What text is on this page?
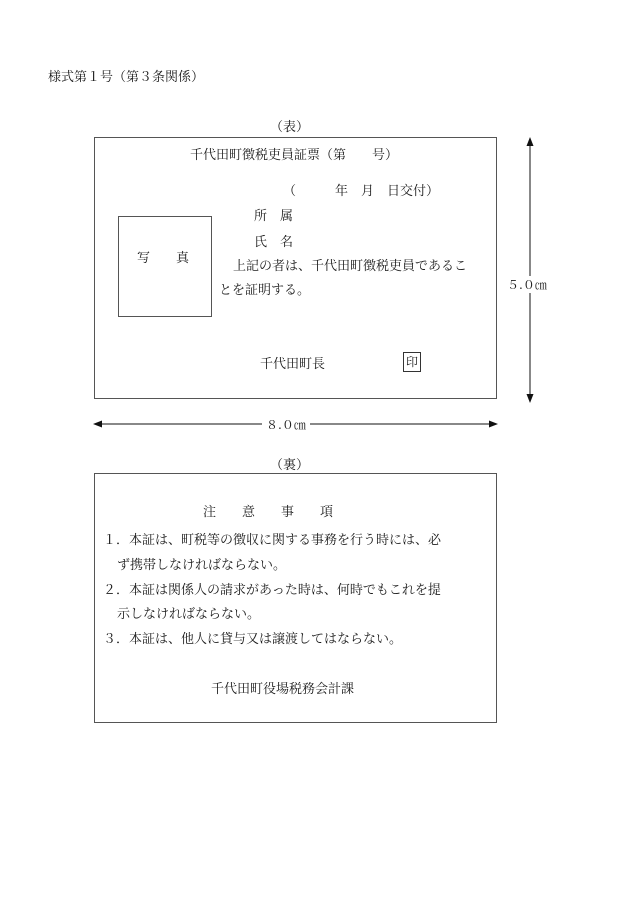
様式第１号（第３条関係）
（表）
千代田町徴税吏員証票（第　　号）
（　　　年　月　日交付）
写　　真
所　属
氏　名
上記の者は、千代田町徴税吏員であるこ
とを証明する。
千代田町長	印
５.０㎝
８.０㎝
（裏）
注　　意　　事　　項
１．本証は、町税等の徴収に関する事務を行う時には、必
ず携帯しなければならない。
２．本証は関係人の請求があった時は、何時でもこれを提
示しなければならない。
３．本証は、他人に貸与又は譲渡してはならない。
千代田町役場税務会計課
